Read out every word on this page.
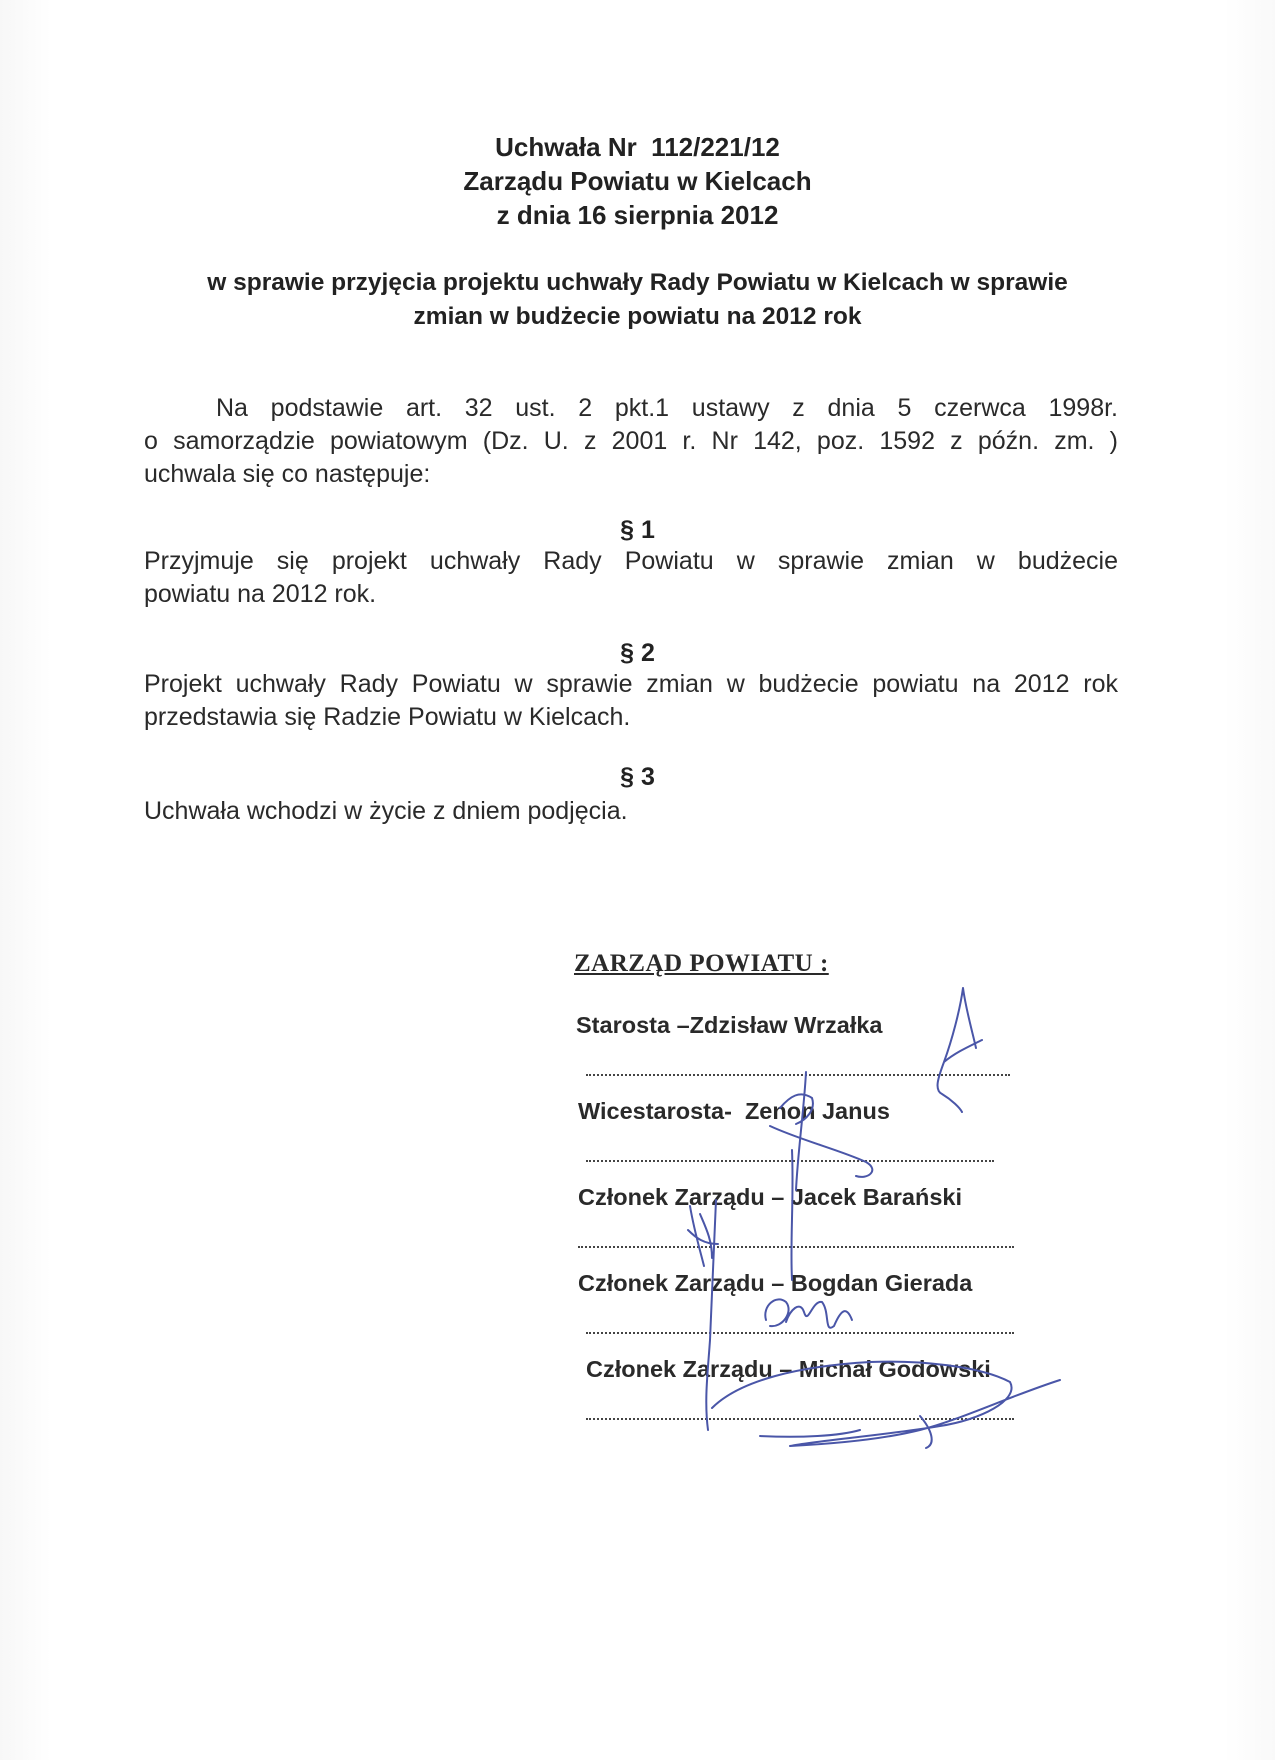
Uchwała Nr  112/221/12
Zarządu Powiatu w Kielcach
z dnia 16 sierpnia 2012
w sprawie przyjęcia projektu uchwały Rady Powiatu w Kielcach w sprawie
zmian w budżecie powiatu na 2012 rok
Na podstawie art. 32 ust. 2 pkt.1 ustawy z dnia 5 czerwca 1998r.
o samorządzie powiatowym (Dz. U. z 2001 r. Nr 142, poz. 1592 z późn. zm. )
uchwala się co następuje:
§ 1
Przyjmuje się projekt uchwały Rady Powiatu w sprawie zmian w budżecie
powiatu na 2012 rok.
§ 2
Projekt uchwały Rady Powiatu w sprawie zmian w budżecie powiatu na 2012 rok
przedstawia się Radzie Powiatu w Kielcach.
§ 3
Uchwała wchodzi w życie z dniem podjęcia.
ZARZĄD POWIATU :
Starosta –Zdzisław Wrzałka
Wicestarosta-  Zenon Janus
Członek Zarządu – Jacek Barański
Członek Zarządu – Bogdan Gierada
Członek Zarządu – Michał Godowski
